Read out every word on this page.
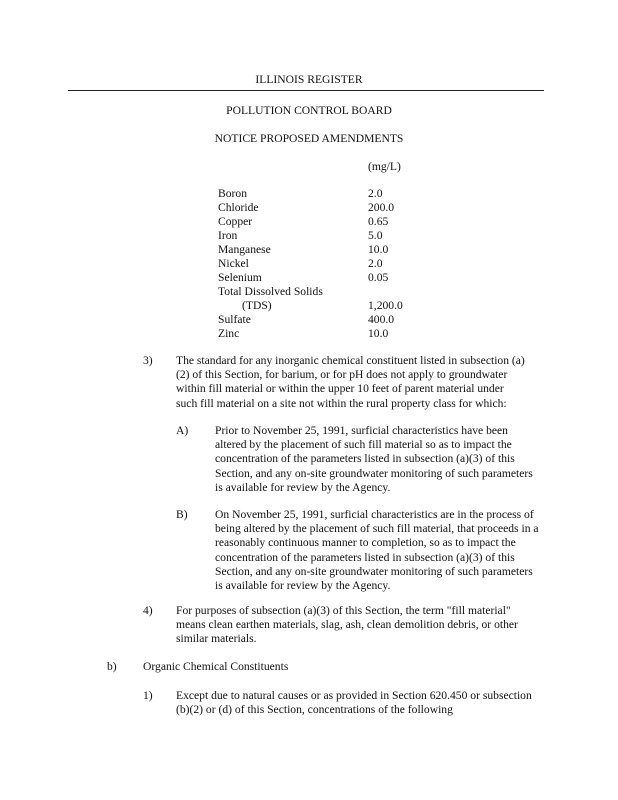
ILLINOIS REGISTER
POLLUTION CONTROL BOARD
NOTICE PROPOSED AMENDMENTS
(mg/L)
Boron	2.0
Chloride	200.0
Copper	0.65
Iron	5.0
Manganese	10.0
Nickel	2.0
Selenium	0.05
Total Dissolved Solids
(TDS)	1,200.0
Sulfate	400.0
Zinc	10.0
3) The standard for any inorganic chemical constituent listed in subsection (a)(2) of this Section, for barium, or for pH does not apply to groundwater within fill material or within the upper 10 feet of parent material under such fill material on a site not within the rural property class for which:
A) Prior to November 25, 1991, surficial characteristics have been altered by the placement of such fill material so as to impact the concentration of the parameters listed in subsection (a)(3) of this Section, and any on-site groundwater monitoring of such parameters is available for review by the Agency.
B) On November 25, 1991, surficial characteristics are in the process of being altered by the placement of such fill material, that proceeds in a reasonably continuous manner to completion, so as to impact the concentration of the parameters listed in subsection (a)(3) of this Section, and any on-site groundwater monitoring of such parameters is available for review by the Agency.
4) For purposes of subsection (a)(3) of this Section, the term "fill material" means clean earthen materials, slag, ash, clean demolition debris, or other similar materials.
b) Organic Chemical Constituents
1) Except due to natural causes or as provided in Section 620.450 or subsection (b)(2) or (d) of this Section, concentrations of the following
